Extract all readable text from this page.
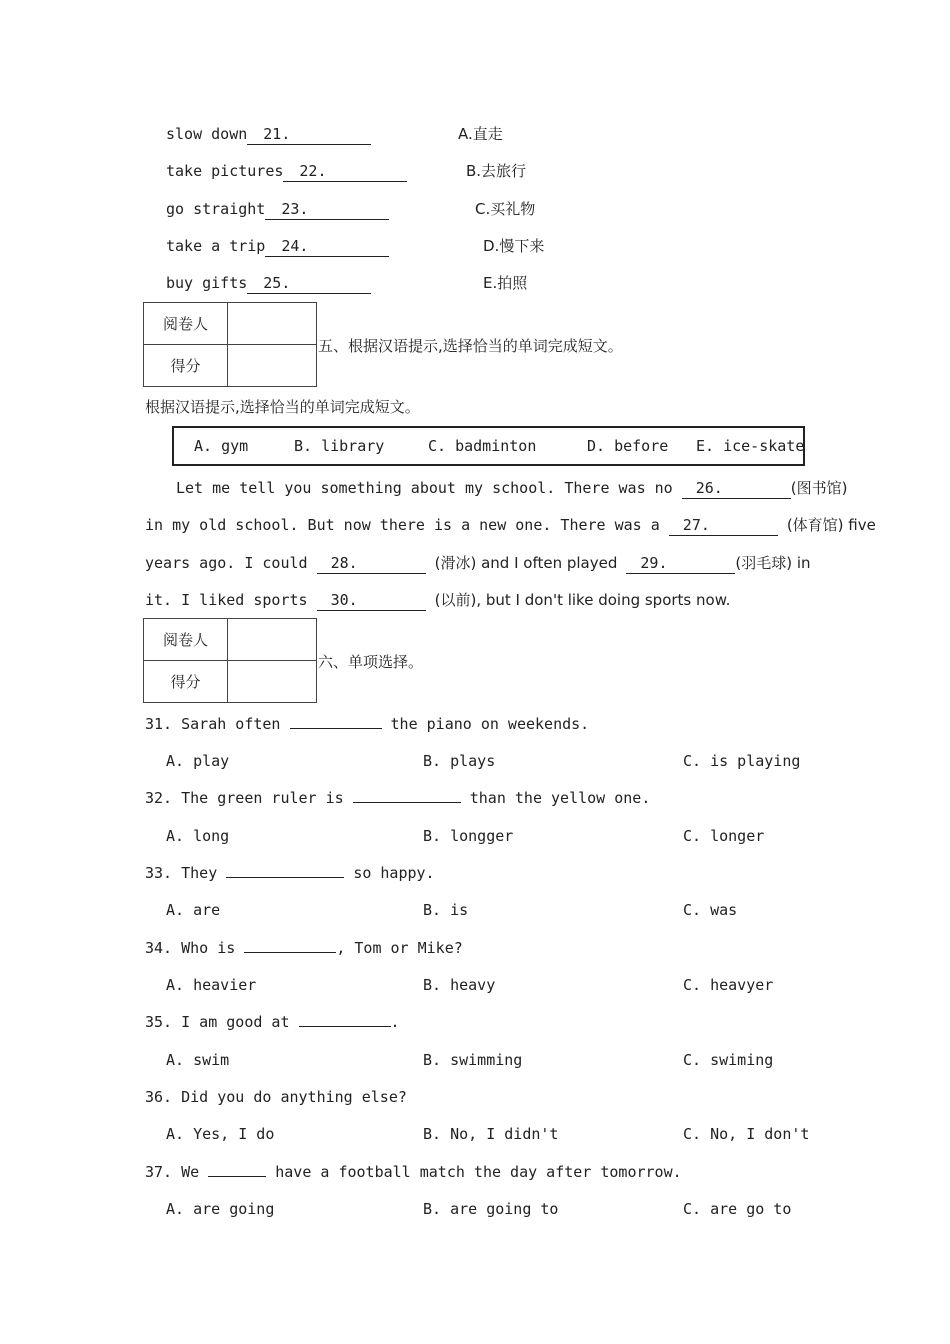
slow down 21.	A.直走
take pictures 22.	B.去旅行
go straight 23.	C.买礼物
take a trip 24.	D.慢下来
buy gifts 25.	E.拍照
阅卷人	
得分	
五、根据汉语提示,选择恰当的单词完成短文。
根据汉语提示,选择恰当的单词完成短文。
A. gym	B. library	C. badminton	D. before E. ice-skate
Let me tell you something about my school. There was no 26.	(图书馆)
in my old school. But now there is a new one. There was a 27.	(体育馆) five
years ago. I could 28.	(滑冰) and I often played 29.	(羽毛球) in
it. I liked sports 30.	(以前), but I don't like doing sports now.
阅卷人	
得分	
六、单项选择。
31. Sarah often	the piano on weekends.
A. play	B. plays	C. is playing
32. The green ruler is	than the yellow one.
A. long	B. longger	C. longer
33. They	so happy.
A. are	B. is	C. was
34. Who is	, Tom or Mike?
A. heavier	B. heavy	C. heavyer
35. I am good at	.
A. swim	B. swimming	C. swiming
36. Did you do anything else?
A. Yes, I do	B. No, I didn't	C. No, I don't
37. We	have a football match the day after tomorrow.
A. are going	B. are going to	C. are go to
